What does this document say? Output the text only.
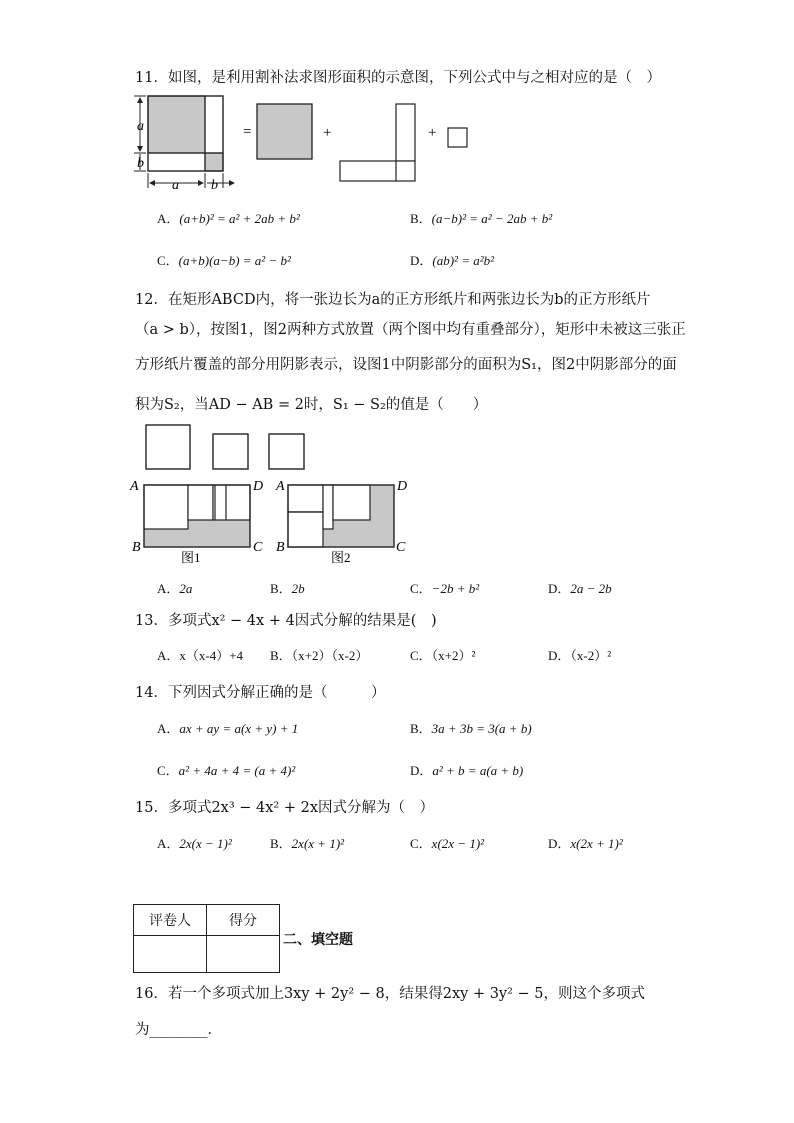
11．如图，是利用割补法求图形面积的示意图，下列公式中与之相对应的是（　）
a
b
a b
=	+	+
A．(a+b)² = a² + 2ab + b²	B．(a−b)² = a² − 2ab + b²
C．(a+b)(a−b) = a² − b²	D．(ab)² = a²b²
12．在矩形ABCD内，将一张边长为a的正方形纸片和两张边长为b的正方形纸片
（a > b），按图1，图2两种方式放置（两个图中均有重叠部分），矩形中未被这三张正
方形纸片覆盖的部分用阴影表示，设图1中阴影部分的面积为S₁，图2中阴影部分的面
积为S₂，当AD − AB = 2时，S₁ − S₂的值是（　　）
A	D
B	C
图1
A	D
B	C
图2
A．2a	B．2b	C．−2b + b²	D．2a − 2b
13．多项式x² − 4x + 4因式分解的结果是(　)
A．x（x-4）+4 B．（x+2）（x-2）	C．（x+2）²	D．（x-2）²
14．下列因式分解正确的是（　　　）
A．ax + ay = a(x + y) + 1	B．3a + 3b = 3(a + b)
C．a² + 4a + 4 = (a + 4)²	D．a² + b = a(a + b)
15．多项式2x³ − 4x² + 2x因式分解为（　）
A．2x(x − 1)²	B．2x(x + 1)²	C．x(2x − 1)²	D．x(2x + 1)²
评卷人	得分

二、填空题
16．若一个多项式加上3xy + 2y² − 8，结果得2xy + 3y² − 5，则这个多项式
为________．
